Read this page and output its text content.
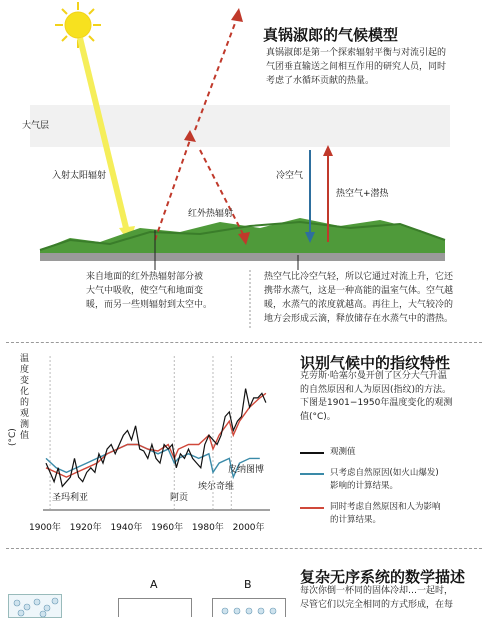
真锅淑郎的气候模型
真锅淑郎是第一个探索辐射平衡与对流引起的
气团垂直输送之间相互作用的研究人员，同时
考虑了水循环贡献的热量。
大气层
入射太阳辐射
红外热辐射
冷空气
热空气+潜热
来自地面的红外热辐射部分被
大气中吸收，使空气和地面变
暖，而另一些则辐射到太空中。
热空气比冷空气轻，所以它通过对流上升，它还
携带水蒸气，这是一种高能的温室气体。空气越
暖，水蒸气的浓度就越高。再往上，大气较冷的
地方会形成云滴，释放储存在水蒸气中的潜热。
温
度
变
化
的
观
测
值
(°C)
圣玛利亚	阿贡
埃尔奇维
皮纳图博
1900年 1920年 1940年 1960年 1980年 2000年
识别气候中的指纹特性
克劳斯·哈塞尔曼开创了区分大气升温
的自然原因和人为原因(指纹)的方法。
下图是1901−1950年温度变化的观测
值(°C)。
观测值
只考虑自然原因(如火山爆发)
影响的计算结果。
同时考虑自然原因和人为影响
的计算结果。
复杂无序系统的数学描述
每次你倒一杯同的固体冷却…一起时，
尽管它们以完全相同的方式形成，在每
A	B
